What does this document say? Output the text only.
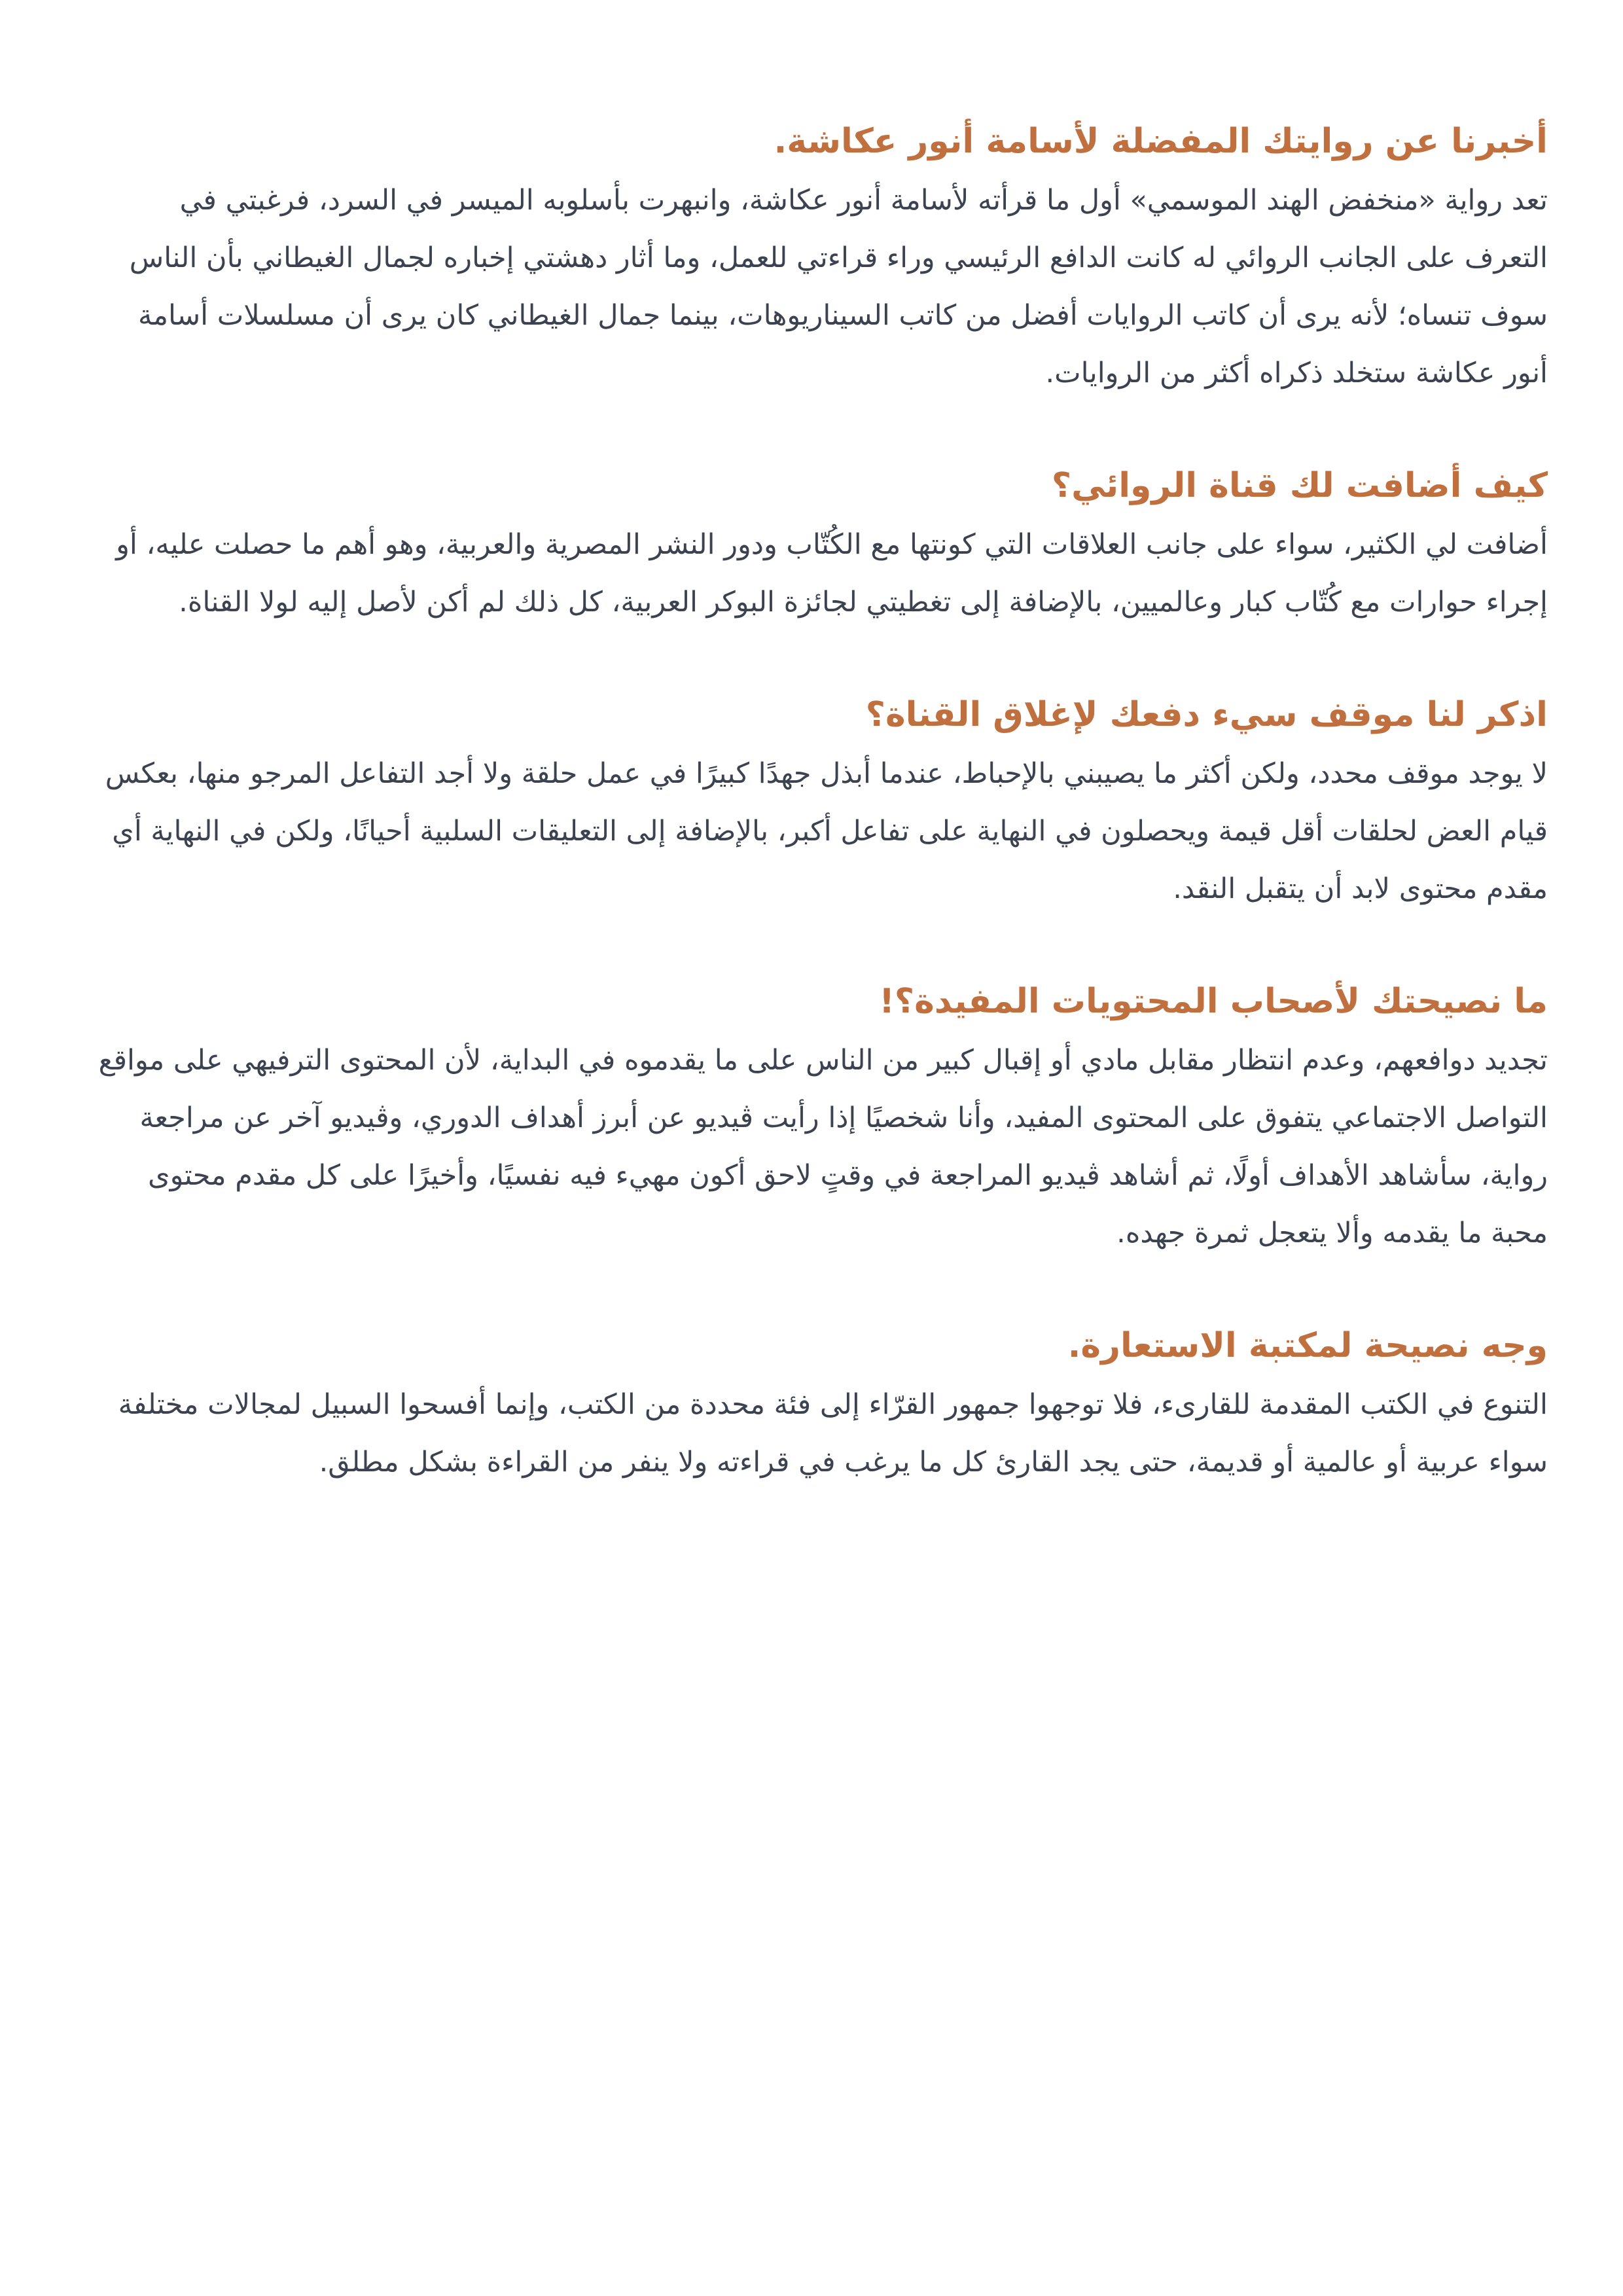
أخبرنا عن روايتك المفضلة لأسامة أنور عكاشة.

تعد رواية «منخفض الهند الموسمي» أول ما قرأته لأسامة أنور عكاشة، وانبهرت بأسلوبه الميسر في السرد، فرغبتي في التعرف على الجانب الروائي له كانت الدافع الرئيسي وراء قراءتي للعمل، وما أثار دهشتي إخباره لجمال الغيطاني بأن الناس سوف تنساه؛ لأنه يرى أن كاتب الروايات أفضل من كاتب السيناريوهات، بينما جمال الغيطاني كان يرى أن مسلسلات أسامة أنور عكاشة ستخلد ذكراه أكثر من الروايات.

كيف أضافت لك قناة الروائي؟

أضافت لي الكثير، سواء على جانب العلاقات التي كونتها مع الكُتّاب ودور النشر المصرية والعربية، وهو أهم ما حصلت عليه، أو إجراء حوارات مع كُتّاب كبار وعالميين، بالإضافة إلى تغطيتي لجائزة البوكر العربية، كل ذلك لم أكن لأصل إليه لولا القناة.

اذكر لنا موقف سيء دفعك لإغلاق القناة؟

لا يوجد موقف محدد، ولكن أكثر ما يصيبني بالإحباط، عندما أبذل جهدًا كبيرًا في عمل حلقة ولا أجد التفاعل المرجو منها، بعكس قيام العض لحلقات أقل قيمة ويحصلون في النهاية على تفاعل أكبر، بالإضافة إلى التعليقات السلبية أحيانًا، ولكن في النهاية أي مقدم محتوى لابد أن يتقبل النقد.

ما نصيحتك لأصحاب المحتويات المفيدة؟!

تجديد دوافعهم، وعدم انتظار مقابل مادي أو إقبال كبير من الناس على ما يقدموه في البداية، لأن المحتوى الترفيهي على مواقع التواصل الاجتماعي يتفوق على المحتوى المفيد، وأنا شخصيًا إذا رأيت ڤيديو عن أبرز أهداف الدوري، وڤيديو آخر عن مراجعة رواية، سأشاهد الأهداف أولًا، ثم أشاهد ڤيديو المراجعة في وقتٍ لاحق أكون مهيء فيه نفسيًا، وأخيرًا على كل مقدم محتوى محبة ما يقدمه وألا يتعجل ثمرة جهده.

وجه نصيحة لمكتبة الاستعارة.

التنوع في الكتب المقدمة للقارىء، فلا توجهوا جمهور القرّاء إلى فئة محددة من الكتب، وإنما أفسحوا السبيل لمجالات مختلفة سواء عربية أو عالمية أو قديمة، حتى يجد القارئ كل ما يرغب في قراءته ولا ينفر من القراءة بشكل مطلق.
